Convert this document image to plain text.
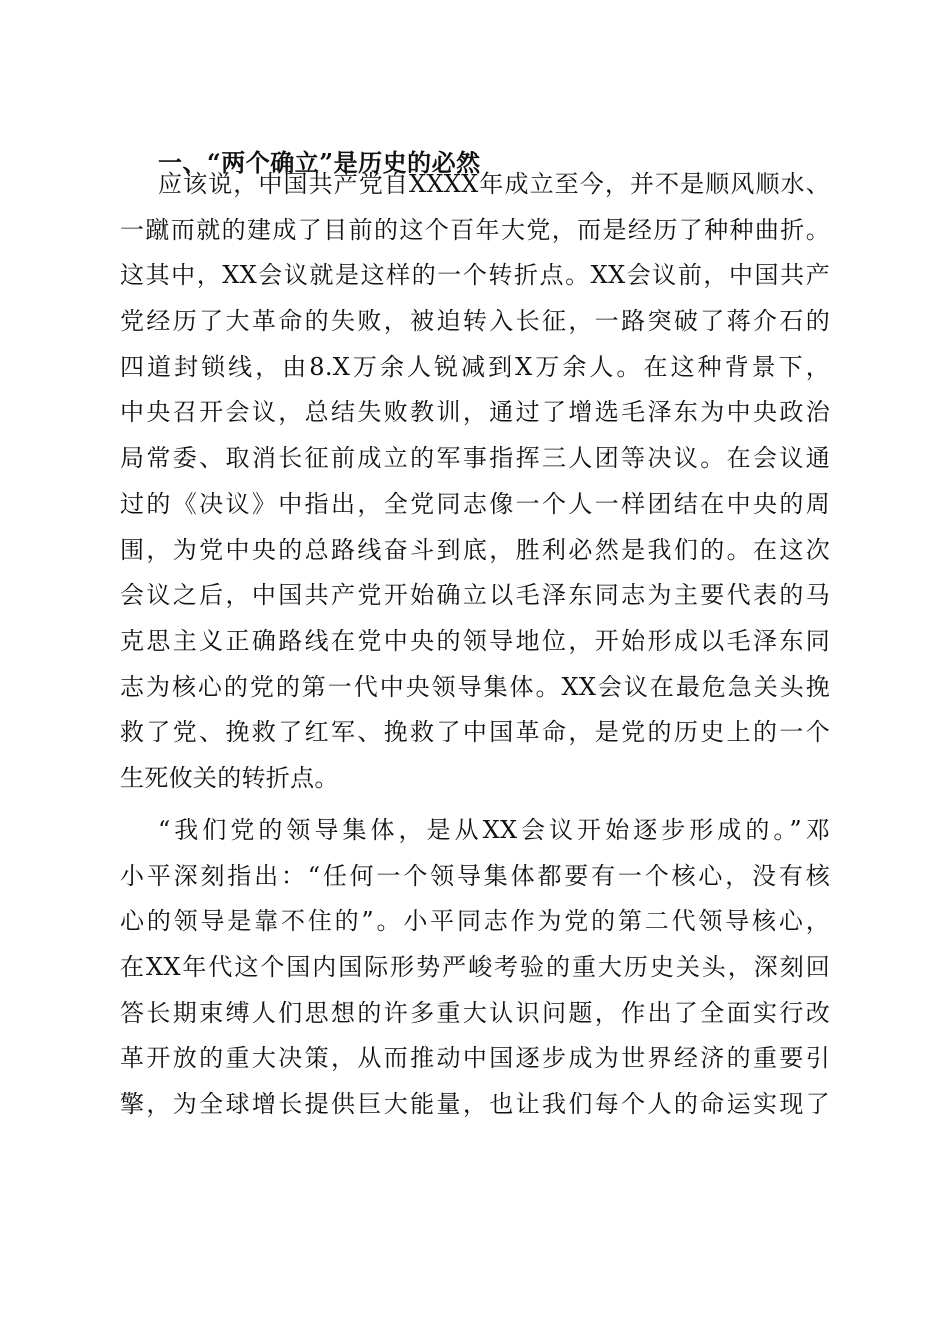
一、“两个确立”是历史的必然
应该说，中国共产党自XXXX年成立至今，并不是顺风顺水、
一蹴而就的建成了目前的这个百年大党，而是经历了种种曲折。
这其中，XX会议就是这样的一个转折点。XX会议前，中国共产
党经历了大革命的失败，被迫转入长征，一路突破了蒋介石的
四道封锁线，由8.X万余人锐减到X万余人。在这种背景下，
中央召开会议，总结失败教训，通过了增选毛泽东为中央政治
局常委、取消长征前成立的军事指挥三人团等决议。在会议通
过的《决议》中指出，全党同志像一个人一样团结在中央的周
围，为党中央的总路线奋斗到底，胜利必然是我们的。在这次
会议之后，中国共产党开始确立以毛泽东同志为主要代表的马
克思主义正确路线在党中央的领导地位，开始形成以毛泽东同
志为核心的党的第一代中央领导集体。XX会议在最危急关头挽
救了党、挽救了红军、挽救了中国革命，是党的历史上的一个
生死攸关的转折点。
“我们党的领导集体，是从XX会议开始逐步形成的。”邓
小平深刻指出：“任何一个领导集体都要有一个核心，没有核
心的领导是靠不住的”。小平同志作为党的第二代领导核心，
在XX年代这个国内国际形势严峻考验的重大历史关头，深刻回
答长期束缚人们思想的许多重大认识问题，作出了全面实行改
革开放的重大决策，从而推动中国逐步成为世界经济的重要引
擎，为全球增长提供巨大能量，也让我们每个人的命运实现了
